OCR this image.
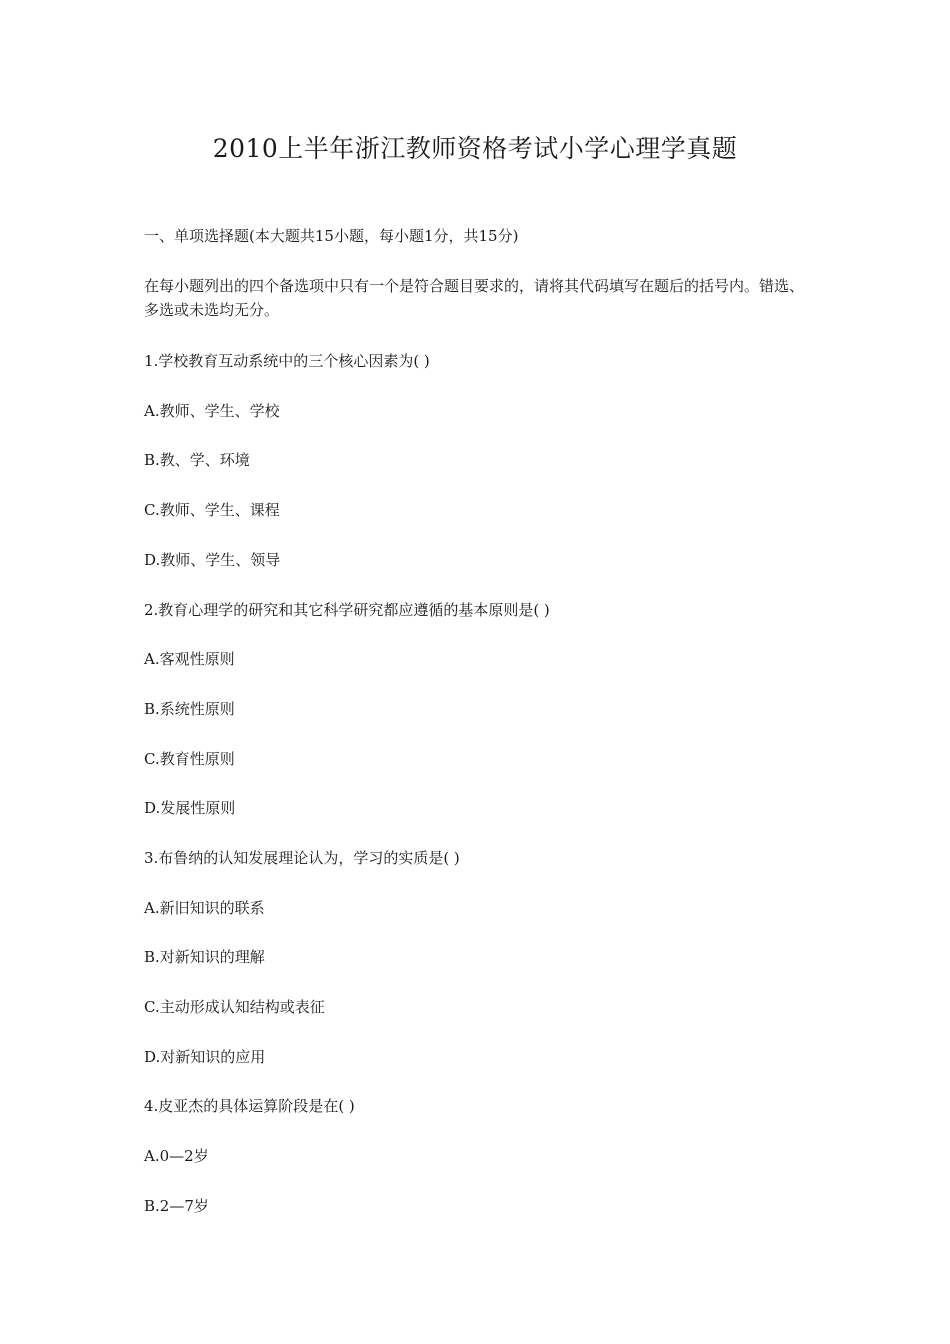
2010上半年浙江教师资格考试小学心理学真题
一、单项选择题(本大题共15小题，每小题1分，共15分)
在每小题列出的四个备选项中只有一个是符合题目要求的，请将其代码填写在题后的括号内。错选、多选或未选均无分。
1.学校教育互动系统中的三个核心因素为( )
A.教师、学生、学校
B.教、学、环境
C.教师、学生、课程
D.教师、学生、领导
2.教育心理学的研究和其它科学研究都应遵循的基本原则是( )
A.客观性原则
B.系统性原则
C.教育性原则
D.发展性原则
3.布鲁纳的认知发展理论认为，学习的实质是( )
A.新旧知识的联系
B.对新知识的理解
C.主动形成认知结构或表征
D.对新知识的应用
4.皮亚杰的具体运算阶段是在( )
A.0—2岁
B.2—7岁
